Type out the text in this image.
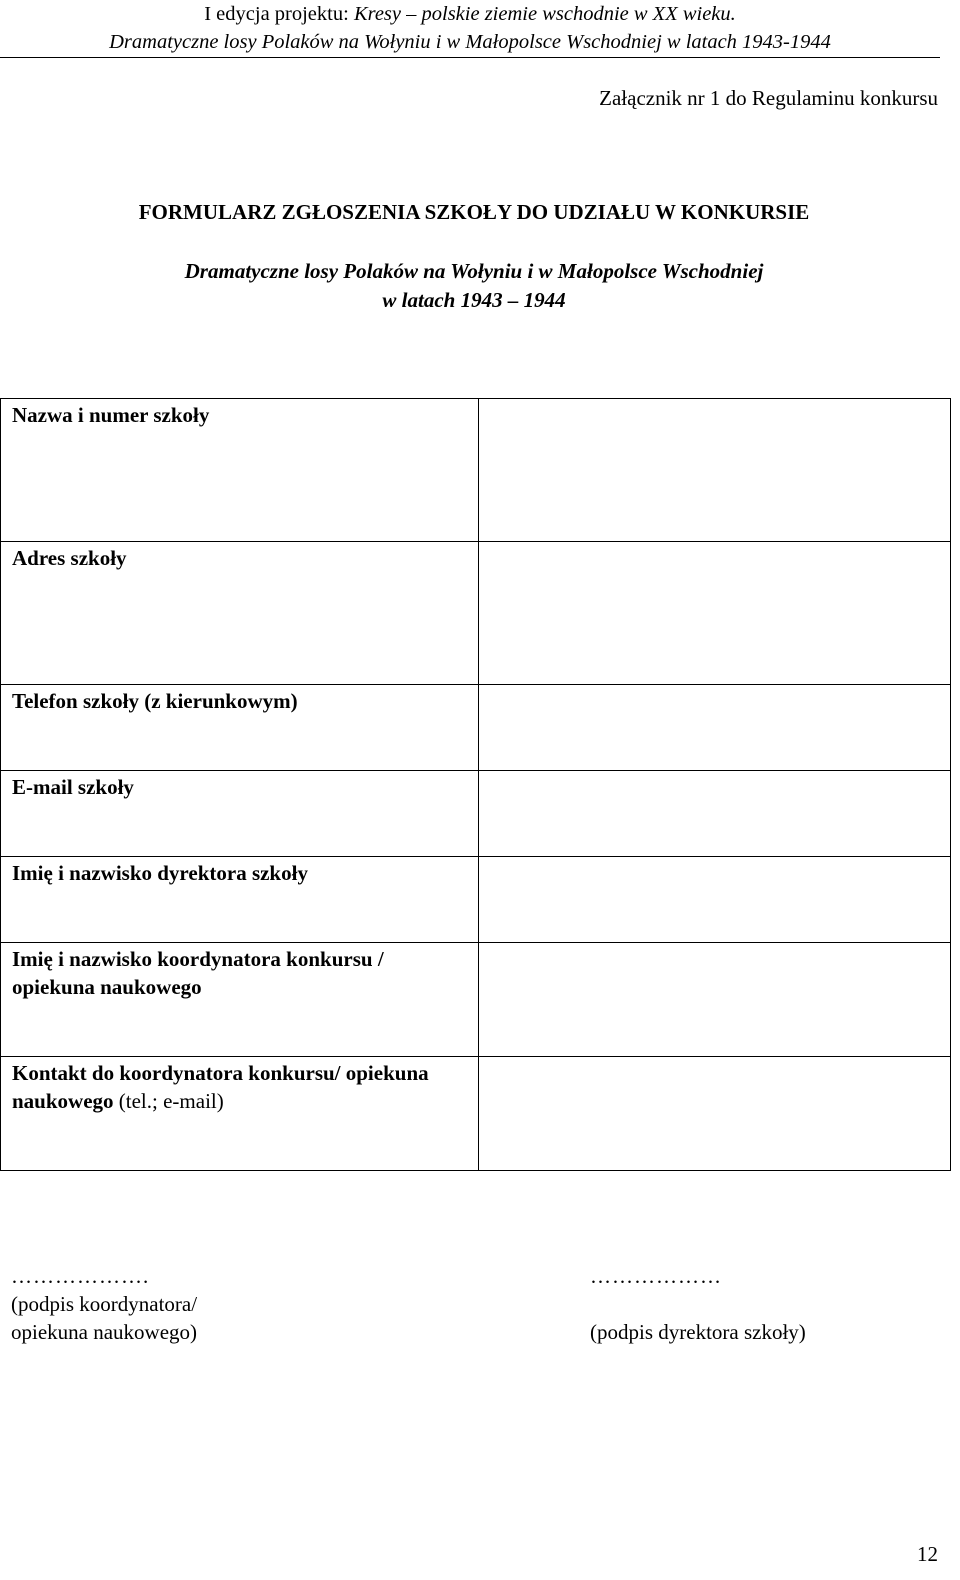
I edycja projektu: Kresy – polskie ziemie wschodnie w XX wieku.
Dramatyczne losy Polaków na Wołyniu i w Małopolsce Wschodniej w latach 1943-1944
Załącznik nr 1 do Regulaminu konkursu
FORMULARZ ZGŁOSZENIA SZKOŁY DO UDZIAŁU W KONKURSIE
Dramatyczne losy Polaków na Wołyniu i w Małopolsce Wschodniej
w latach 1943 – 1944
Nazwa i numer szkoły	
Adres szkoły	
Telefon szkoły (z kierunkowym)	
E-mail szkoły	
Imię i nazwisko dyrektora szkoły	
Imię i nazwisko koordynatora konkursu / opiekuna naukowego	
Kontakt do koordynatora konkursu/ opiekuna naukowego (tel.; e-mail)	
……………….
(podpis koordynatora/
opiekuna naukowego)
………………

(podpis dyrektora szkoły)
12
